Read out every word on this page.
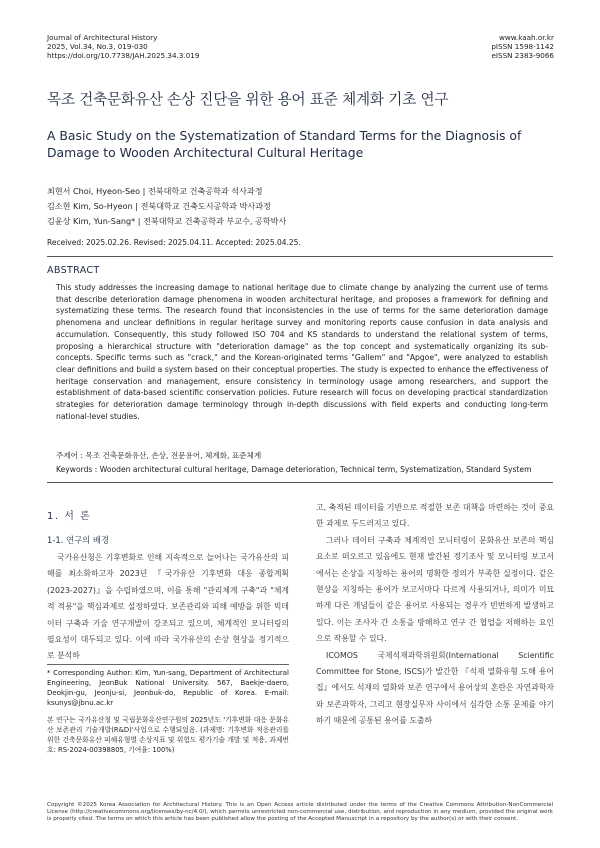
Journal of Architectural History
2025, Vol.34, No.3, 019-030
https://doi.org/10.7738/JAH.2025.34.3.019
www.kaah.or.kr
pISSN 1598-1142
eISSN 2383-9066
목조 건축문화유산 손상 진단을 위한 용어 표준 체계화 기초 연구
A Basic Study on the Systematization of Standard Terms for the Diagnosis of
Damage to Wooden Architectural Cultural Heritage
최현서 Choi, Hyeon-Seo | 전북대학교 건축공학과 석사과정
김소현 Kim, So-Hyeon | 전북대학교 건축도시공학과 박사과정
김윤상 Kim, Yun-Sang* | 전북대학교 건축공학과 부교수, 공학박사
Received: 2025.02.26. Revised: 2025.04.11. Accepted: 2025.04.25.
ABSTRACT
This study addresses the increasing damage to national heritage due to climate change by analyzing the current use of terms that describe deterioration damage phenomena in wooden architectural heritage, and proposes a framework for defining and systematizing these terms. The research found that inconsistencies in the use of terms for the same deterioration damage phenomena and unclear definitions in regular heritage survey and monitoring reports cause confusion in data analysis and accumulation. Consequently, this study followed ISO 704 and KS standards to understand the relational system of terms, proposing a hierarchical structure with "deterioration damage" as the top concept and systematically organizing its sub-concepts. Specific terms such as "crack," and the Korean-originated terms "Gallem" and "Apgoe", were analyzed to establish clear definitions and build a system based on their conceptual properties. The study is expected to enhance the effectiveness of heritage conservation and management, ensure consistency in terminology usage among researchers, and support the establishment of data-based scientific conservation policies. Future research will focus on developing practical standardization strategies for deterioration damage terminology through in-depth discussions with field experts and conducting long-term national-level studies.
주제어 : 목조 건축문화유산, 손상, 전문용어, 체계화, 표준체계
Keywords : Wooden architectural cultural heritage, Damage deterioration, Technical term, Systematization, Standard System
1. 서 론
1-1. 연구의 배경

국가유산청은 기후변화로 인해 지속적으로 늘어나는 국가유산의 피해를 최소화하고자 2023년 『국가유산 기후변화 대응 종합계획(2023-2027)』을 수립하였으며, 이를 통해 "관리체계 구축"과 "체계적 적용"을 핵심과제로 설정하였다. 보존관리와 피해 예방을 위한 빅데이터 구축과 기술 연구개발이 강조되고 있으며, 체계적인 모니터링의 필요성이 대두되고 있다. 이에 따라 국가유산의 손상 현상을 정기적으로 분석하

고, 축적된 데이터를 기반으로 적절한 보존 대책을 마련하는 것이 중요한 과제로 두드러지고 있다.

그러나 데이터 구축과 체계적인 모니터링이 문화유산 보존의 핵심 요소로 떠오르고 있음에도 현재 발간된 정기조사 및 모니터링 보고서에서는 손상을 지칭하는 용어의 명확한 정의가 부족한 실정이다. 같은 현상을 지칭하는 용어가 보고서마다 다르게 사용되거나, 의미가 미묘하게 다른 개념들이 같은 용어로 사용되는 경우가 빈번하게 발생하고 있다. 이는 조사자 간 소통을 방해하고 연구 간 협업을 저해하는 요인으로 작용할 수 있다.

ICOMOS 국제석재과학위원회(International Scientific Committee for Stone, ISCS)가 발간한 『석재 열화유형 도해 용어집』에서도 석재의 열화와 보존 연구에서 용어상의 혼란은 자연과학자와 보존과학자, 그리고 현장실무자 사이에서 심각한 소통 문제를 야기하기 때문에 공통된 용어를 도출하

* Corresponding Author: Kim, Yun-sang, Department of Architectural Engineering, JeonBuk National University. 567, Baekje-daero, Deokjin-gu, Jeonju-si, Jeonbuk-do, Republic of Korea. E-mail: ksunys@jbnu.ac.kr
본 연구는 국가유산청 및 국립문화유산연구원의 2025년도 '기후변화 대응 문화유산 보존관리 기술개발(R&D)'사업으로 수행되었음. (과제명: 기후변화 적응관리를 위한 건축문화유산 피해유형별 손상지표 및 위험도 평가기술 개발 및 적용, 과제번호: RS-2024-00398805, 기여율: 100%)
Copyright ©2025 Korea Association for Architectural History. This is an Open Access article distributed under the terms of the Creative Commons Attribution-NonCommercial License (http://creativecommons.org/licenses/by-nc/4.0/), which permits unrestricted non-commercial use, distribution, and reproduction in any medium, provided the original work is properly cited. The terms on which this article has been published allow the posting of the Accepted Manuscript in a repository by the author(s) or with their consent.
